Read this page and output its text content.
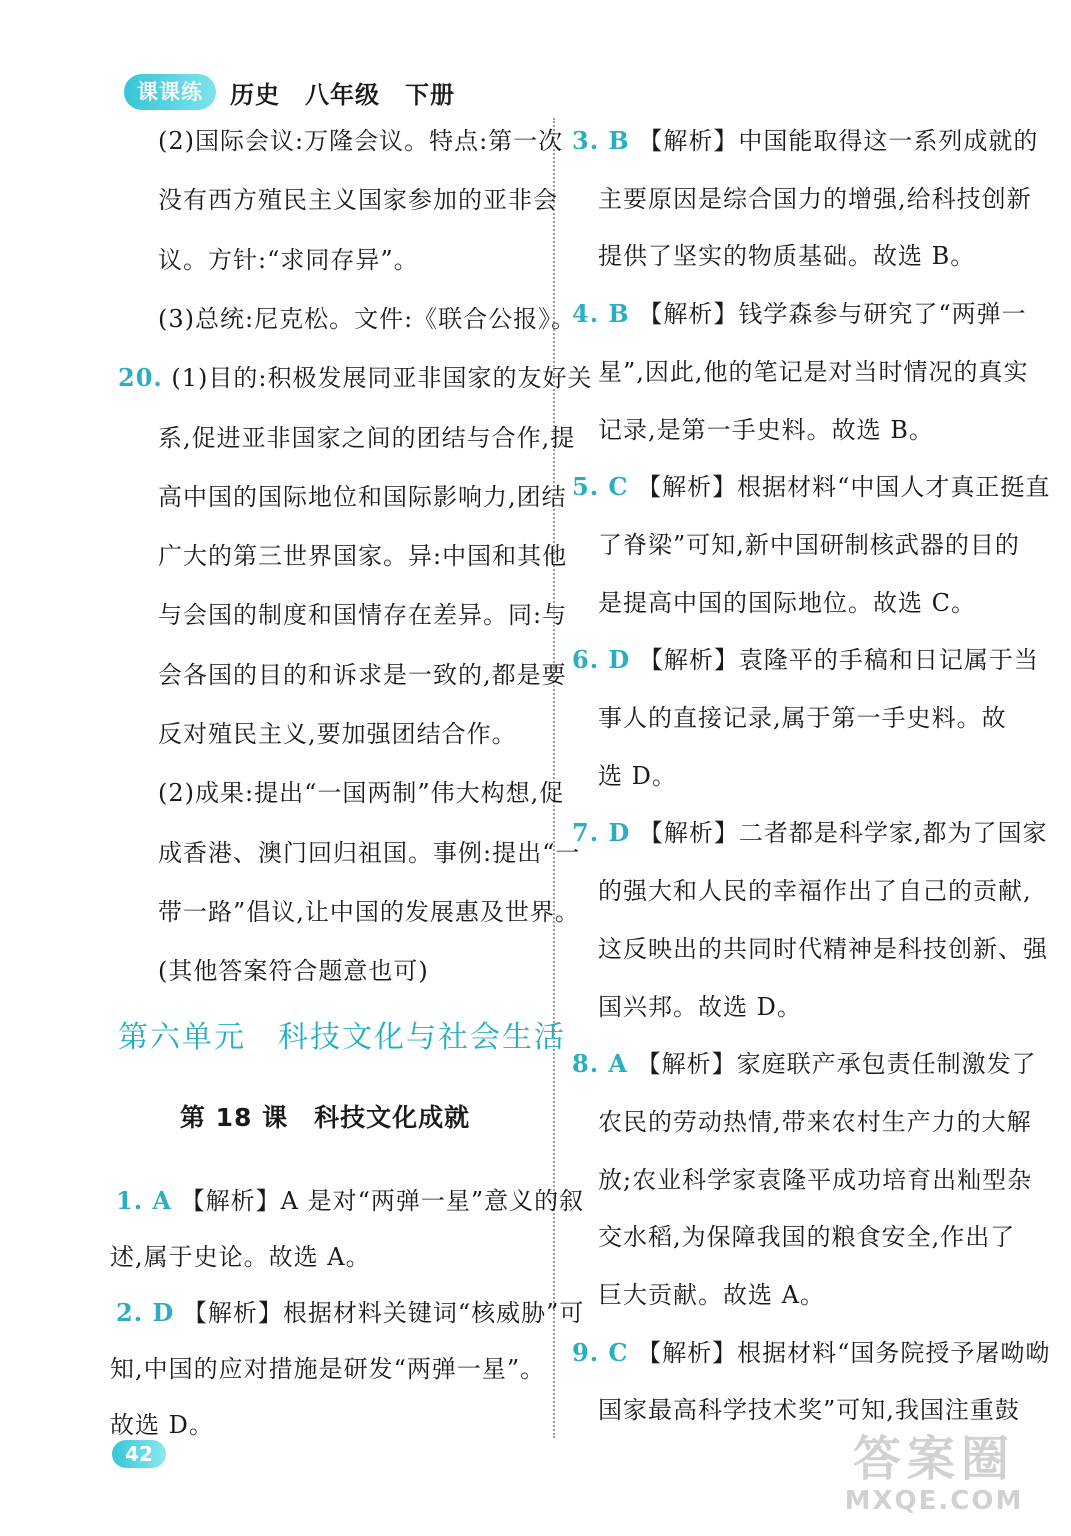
课课练	历史　八年级　下册
(2)国际会议:万隆会议。特点:第一次
没有西方殖民主义国家参加的亚非会
议。方针:“求同存异”。
(3)总统:尼克松。文件:《联合公报》。
20. (1)目的:积极发展同亚非国家的友好关
系,促进亚非国家之间的团结与合作,提
高中国的国际地位和国际影响力,团结
广大的第三世界国家。异:中国和其他
与会国的制度和国情存在差异。同:与
会各国的目的和诉求是一致的,都是要
反对殖民主义,要加强团结合作。
(2)成果:提出“一国两制”伟大构想,促
成香港、澳门回归祖国。事例:提出“一
带一路”倡议,让中国的发展惠及世界。
(其他答案符合题意也可)
第六单元　科技文化与社会生活
第 18 课　科技文化成就
1. A 【解析】A 是对“两弹一星”意义的叙
述,属于史论。故选 A。
2. D 【解析】根据材料关键词“核威胁”可
知,中国的应对措施是研发“两弹一星”。
故选 D。
3. B 【解析】中国能取得这一系列成就的
主要原因是综合国力的增强,给科技创新
提供了坚实的物质基础。故选 B。
4. B 【解析】钱学森参与研究了“两弹一
星”,因此,他的笔记是对当时情况的真实
记录,是第一手史料。故选 B。
5. C 【解析】根据材料“中国人才真正挺直
了脊梁”可知,新中国研制核武器的目的
是提高中国的国际地位。故选 C。
6. D 【解析】袁隆平的手稿和日记属于当
事人的直接记录,属于第一手史料。故
选 D。
7. D 【解析】二者都是科学家,都为了国家
的强大和人民的幸福作出了自己的贡献,
这反映出的共同时代精神是科技创新、强
国兴邦。故选 D。
8. A 【解析】家庭联产承包责任制激发了
农民的劳动热情,带来农村生产力的大解
放;农业科学家袁隆平成功培育出籼型杂
交水稻,为保障我国的粮食安全,作出了
巨大贡献。故选 A。
9. C 【解析】根据材料“国务院授予屠呦呦
国家最高科学技术奖”可知,我国注重鼓
42	答案圈
MXQE.COM
